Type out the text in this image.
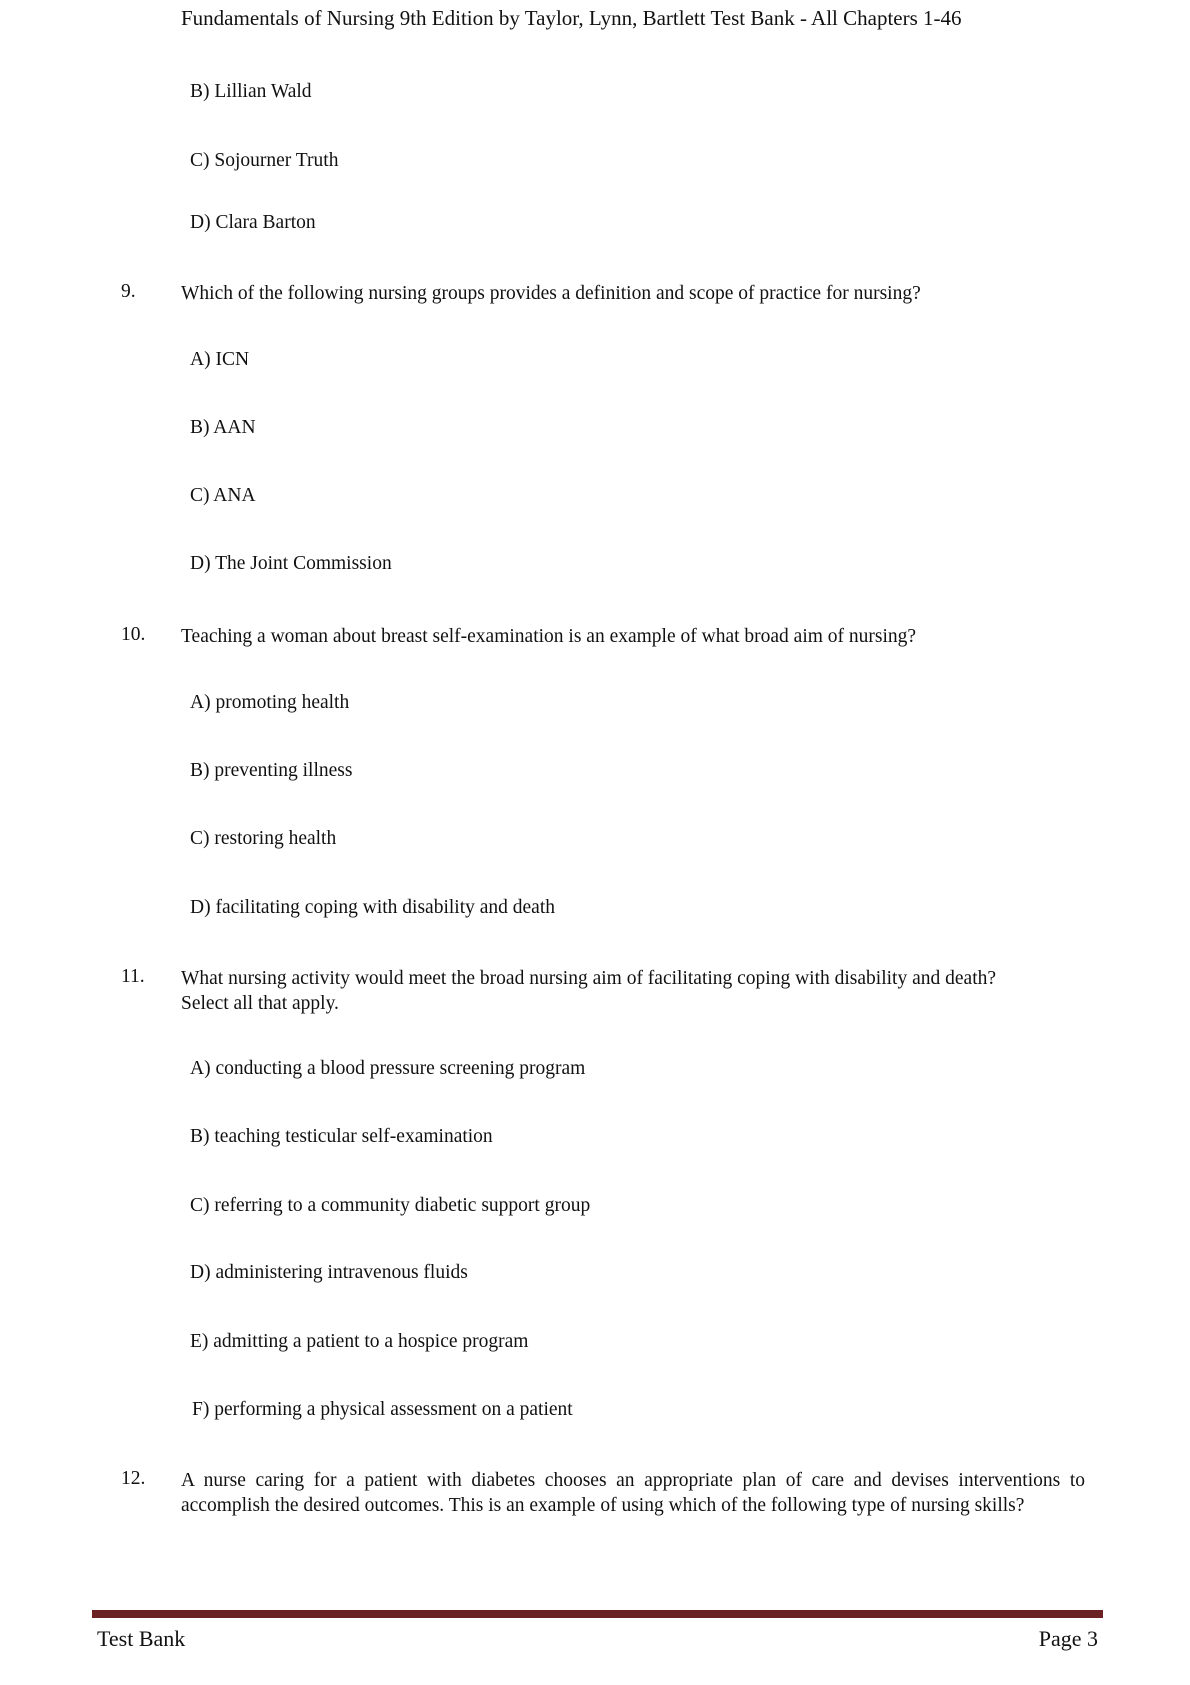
Fundamentals of Nursing 9th Edition by Taylor, Lynn, Bartlett Test Bank - All Chapters 1-46
B) Lillian Wald
C) Sojourner Truth
D) Clara Barton
9. Which of the following nursing groups provides a definition and scope of practice for nursing?
A) ICN
B) AAN
C) ANA
D) The Joint Commission
10. Teaching a woman about breast self-examination is an example of what broad aim of nursing?
A) promoting health
B) preventing illness
C) restoring health
D) facilitating coping with disability and death
11. What nursing activity would meet the broad nursing aim of facilitating coping with disability and death? Select all that apply.
A) conducting a blood pressure screening program
B) teaching testicular self-examination
C) referring to a community diabetic support group
D) administering intravenous fluids
E) admitting a patient to a hospice program
F) performing a physical assessment on a patient
12. A nurse caring for a patient with diabetes chooses an appropriate plan of care and devises interventions to accomplish the desired outcomes. This is an example of using which of the following type of nursing skills?
Test Bank	Page 3
